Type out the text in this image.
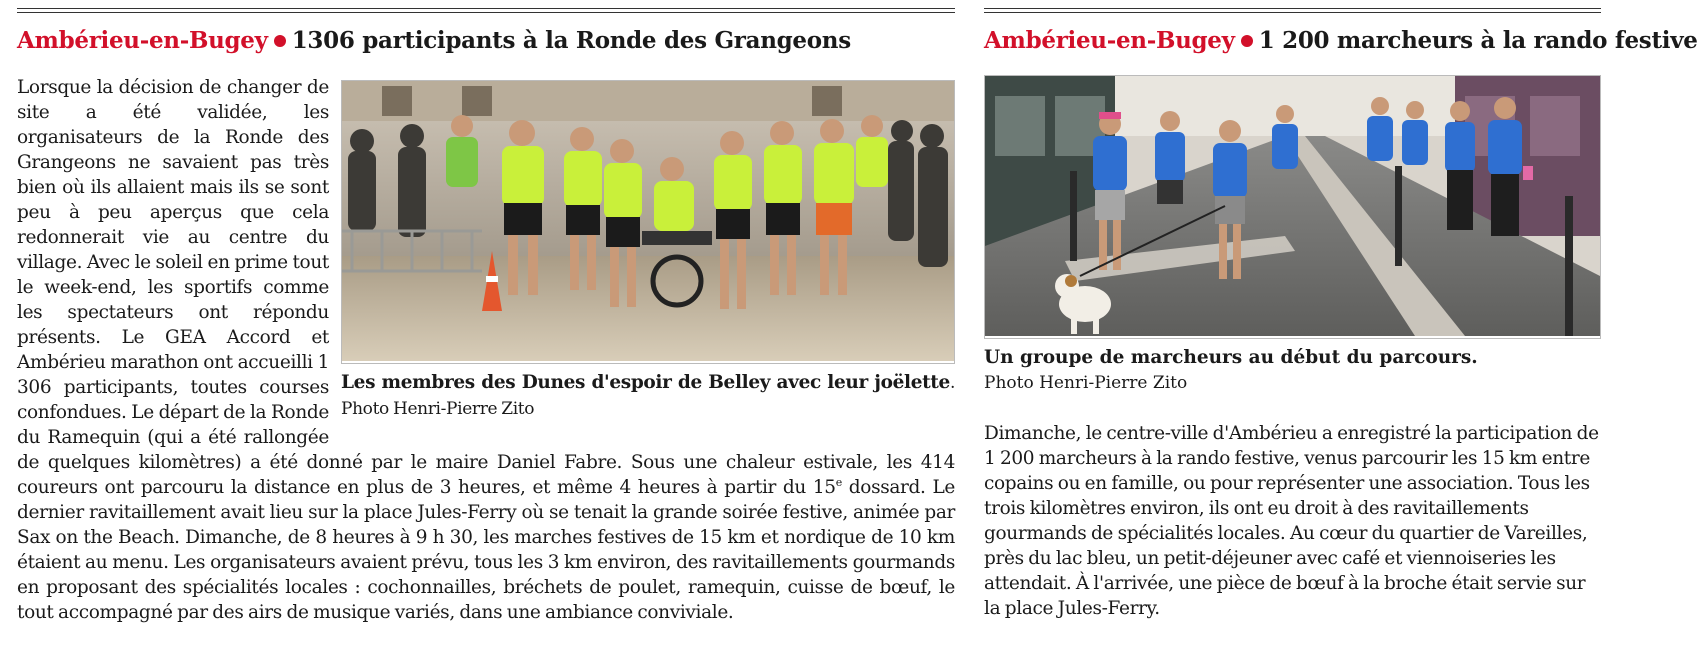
Ambérieu-en-Bugey 1306 participants à la Ronde des Grangeons
Les membres des Dunes d'espoir de Belley avec leur joëlette. Photo Henri-Pierre Zito
Lorsque la décision de changer de site a été validée, les organisateurs de la Ronde des Grangeons ne savaient pas très bien où ils allaient mais ils se sont peu à peu aperçus que cela redonnerait vie au centre du village. Avec le soleil en prime tout le week-end, les sportifs comme les spectateurs ont répondu présents. Le GEA Accord et Ambérieu marathon ont accueilli 1 306 participants, toutes courses confondues. Le départ de la Ronde du Ramequin (qui a été rallongée de quelques kilomètres) a été donné par le maire Daniel Fabre. Sous une chaleur estivale, les 414 coureurs ont parcouru la distance en plus de 3 heures, et même 4 heures à partir du 15e dossard. Le dernier ravitaillement avait lieu sur la place Jules-Ferry où se tenait la grande soirée festive, animée par Sax on the Beach. Dimanche, de 8 heures à 9 h 30, les marches festives de 15 km et nordique de 10 km étaient au menu. Les organisateurs avaient prévu, tous les 3 km environ, des ravitaillements gourmands en proposant des spécialités locales : cochonnailles, bréchets de poulet, ramequin, cuisse de bœuf, le tout accompagné par des airs de musique variés, dans une ambiance conviviale.
Ambérieu-en-Bugey 1 200 marcheurs à la rando festive
Un groupe de marcheurs au début du parcours.
Photo Henri-Pierre Zito
Dimanche, le centre-ville d'Ambérieu a enregistré la participation de 1 200 marcheurs à la rando festive, venus parcourir les 15 km entre copains ou en famille, ou pour représenter une association. Tous les trois kilomètres environ, ils ont eu droit à des ravitaillements gourmands de spécialités locales. Au cœur du quartier de Vareilles, près du lac bleu, un petit-déjeuner avec café et viennoiseries les attendait. À l'arrivée, une pièce de bœuf à la broche était servie sur la place Jules-Ferry.
